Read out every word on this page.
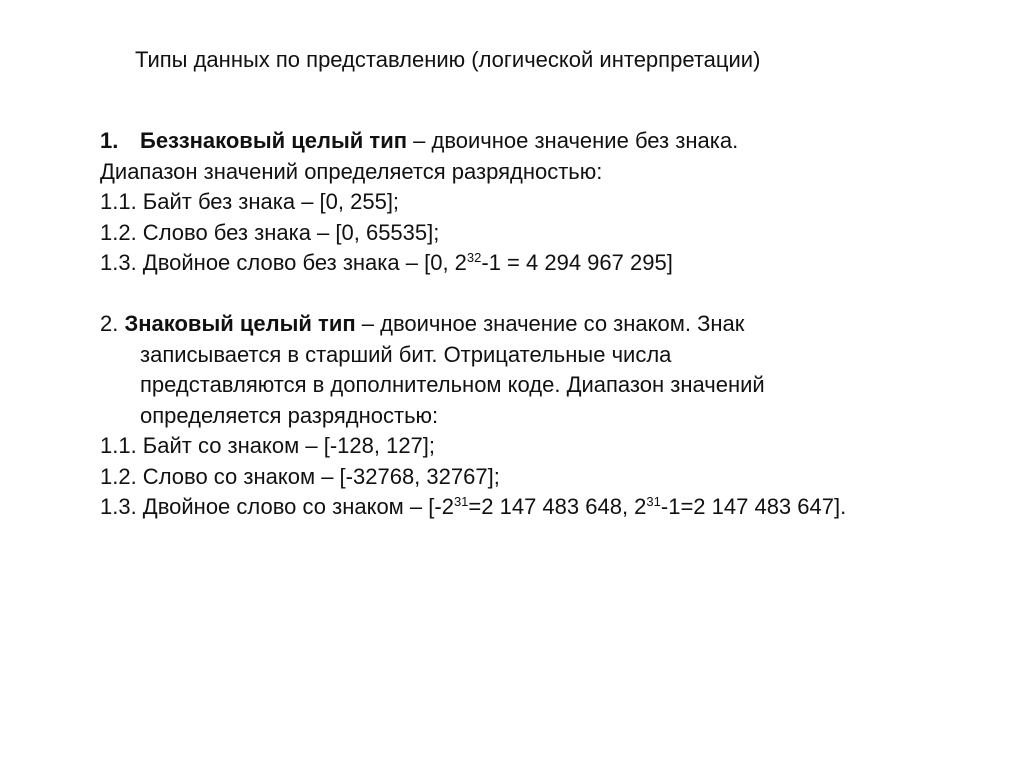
Типы данных по представлению (логической интерпретации)
1. Беззнаковый целый тип – двоичное значение без знака.
Диапазон значений определяется разрядностью:
1.1. Байт без знака – [0, 255];
1.2. Слово без знака – [0, 65535];
1.3. Двойное слово без знака – [0, $2^{32}-1 = 4$ 294 967 295]
2. Знаковый целый тип – двоичное значение со знаком. Знак
записывается в старший бит. Отрицательные числа
представляются в дополнительном коде. Диапазон значений
определяется разрядностью:
1.1. Байт со знаком – [-128, 127];
1.2. Слово со знаком – [-32768, 32767];
1.3. Двойное слово со знаком – [$-2^{31}=2$ 147 483 648, $2^{31}-1=2$ 147 483 647].
